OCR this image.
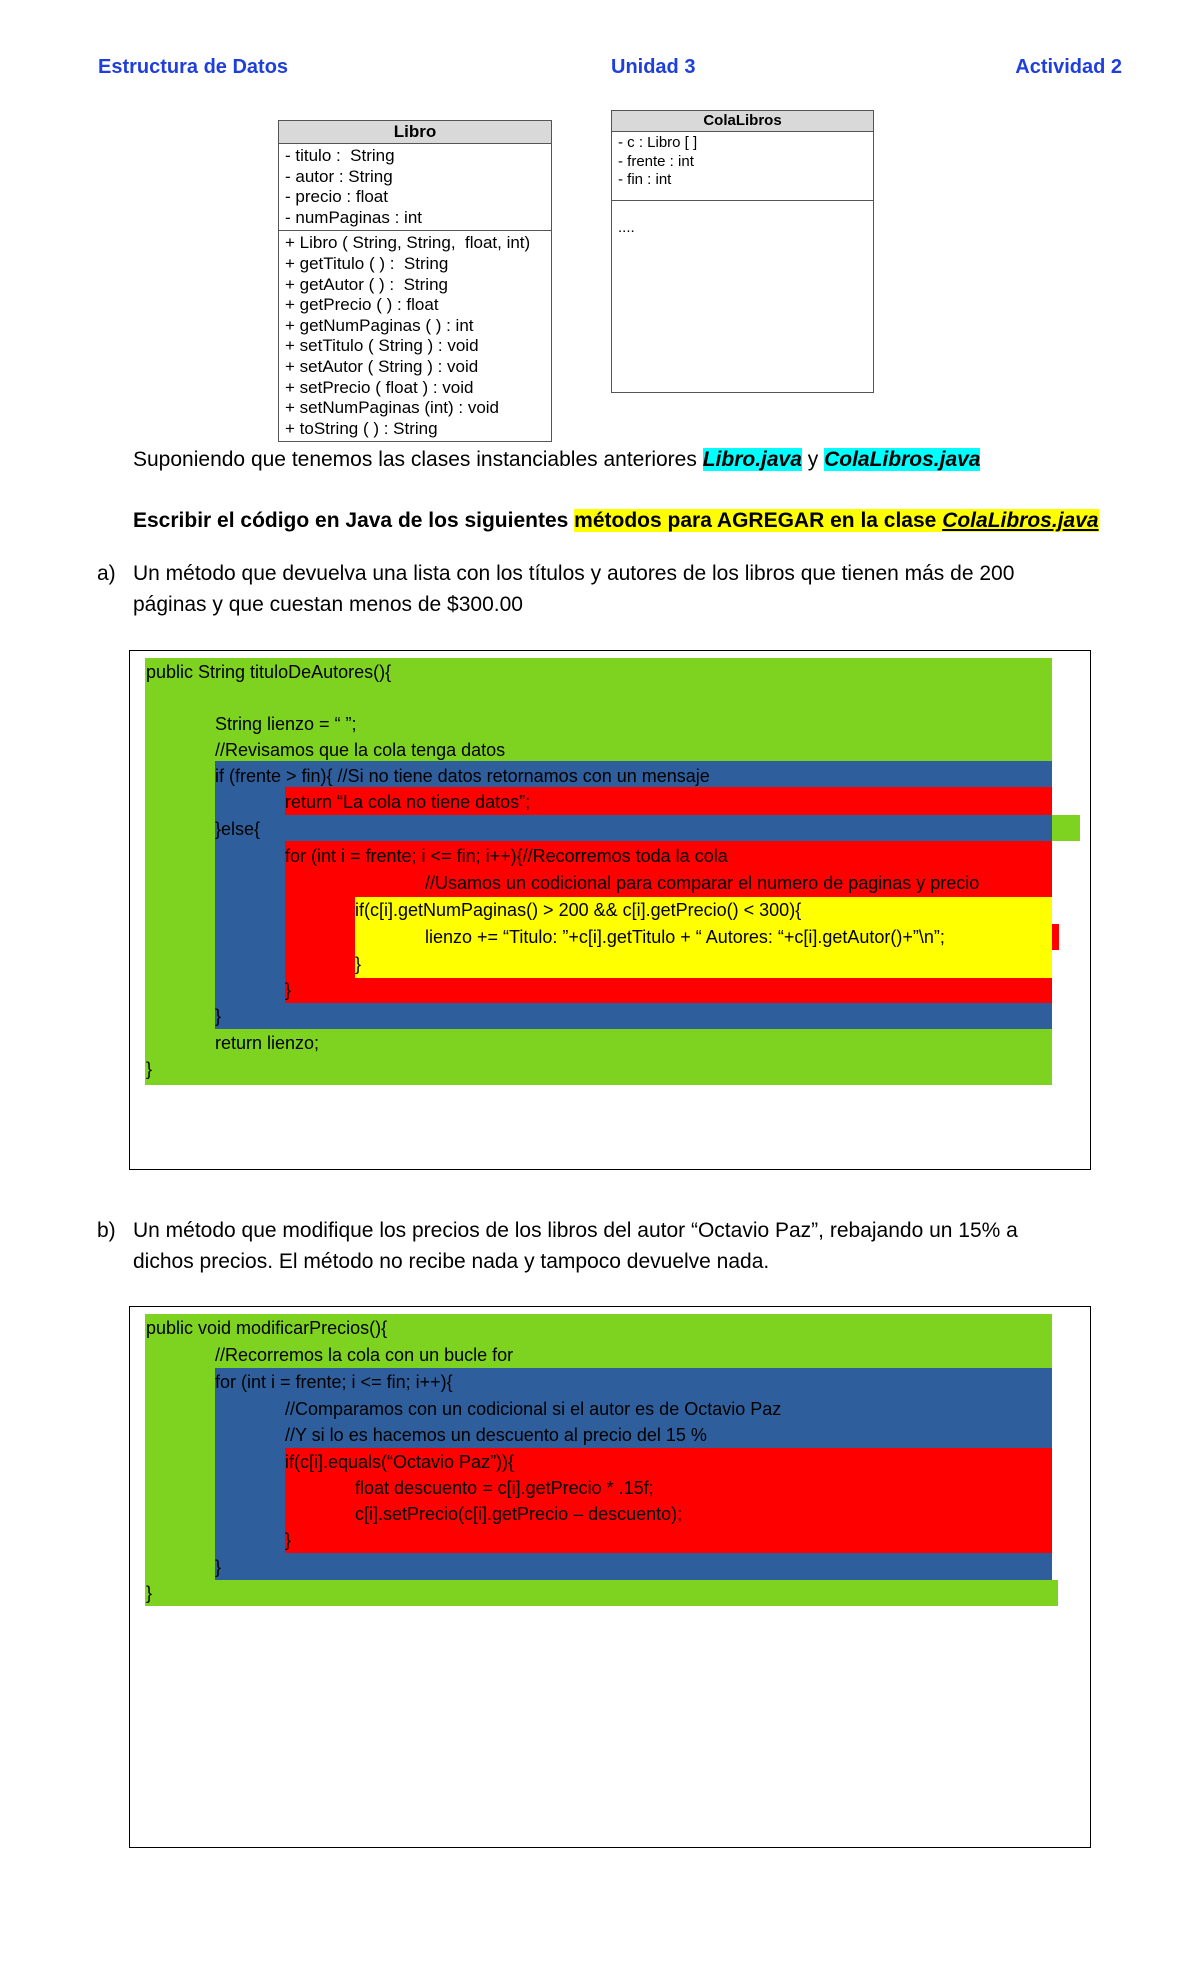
Estructura de Datos	Unidad 3	Actividad 2
Libro
- titulo :  String
- autor : String
- precio : float
- numPaginas : int
+ Libro ( String, String,  float, int)
+ getTitulo ( ) :  String
+ getAutor ( ) :  String
+ getPrecio ( ) : float
+ getNumPaginas ( ) : int
+ setTitulo ( String ) : void
+ setAutor ( String ) : void
+ setPrecio ( float ) : void
+ setNumPaginas (int) : void
+ toString ( ) : String
ColaLibros
- c : Libro [ ]
- frente : int
- fin : int
....
Suponiendo que tenemos las clases instanciables anteriores Libro.java y ColaLibros.java
Escribir el código en Java de los siguientes métodos para AGREGAR en la clase ColaLibros.java
a) Un método que devuelva una lista con los títulos y autores de los libros que tienen más de 200
páginas y que cuestan menos de $300.00
public String tituloDeAutores(){
String lienzo = “ ”;
//Revisamos que la cola tenga datos
if (frente > fin){ //Si no tiene datos retornamos con un mensaje
return “La cola no tiene datos”;
}else{
for (int i = frente; i <= fin; i++){//Recorremos toda la cola
//Usamos un codicional para comparar el numero de paginas y precio
if(c[i].getNumPaginas() > 200 && c[i].getPrecio() < 300){
lienzo += “Titulo: ”+c[i].getTitulo + “ Autores: “+c[i].getAutor()+”\n”;
}
}
}
return lienzo;
}
b) Un método que modifique los precios de los libros del autor “Octavio Paz”, rebajando un 15% a
dichos precios. El método no recibe nada y tampoco devuelve nada.
public void modificarPrecios(){
//Recorremos la cola con un bucle for
for (int i = frente; i <= fin; i++){
//Comparamos con un codicional si el autor es de Octavio Paz
//Y si lo es hacemos un descuento al precio del 15 %
if(c[i].equals(“Octavio Paz”)){
float descuento = c[i].getPrecio * .15f;
c[i].setPrecio(c[i].getPrecio – descuento);
}
}
}
